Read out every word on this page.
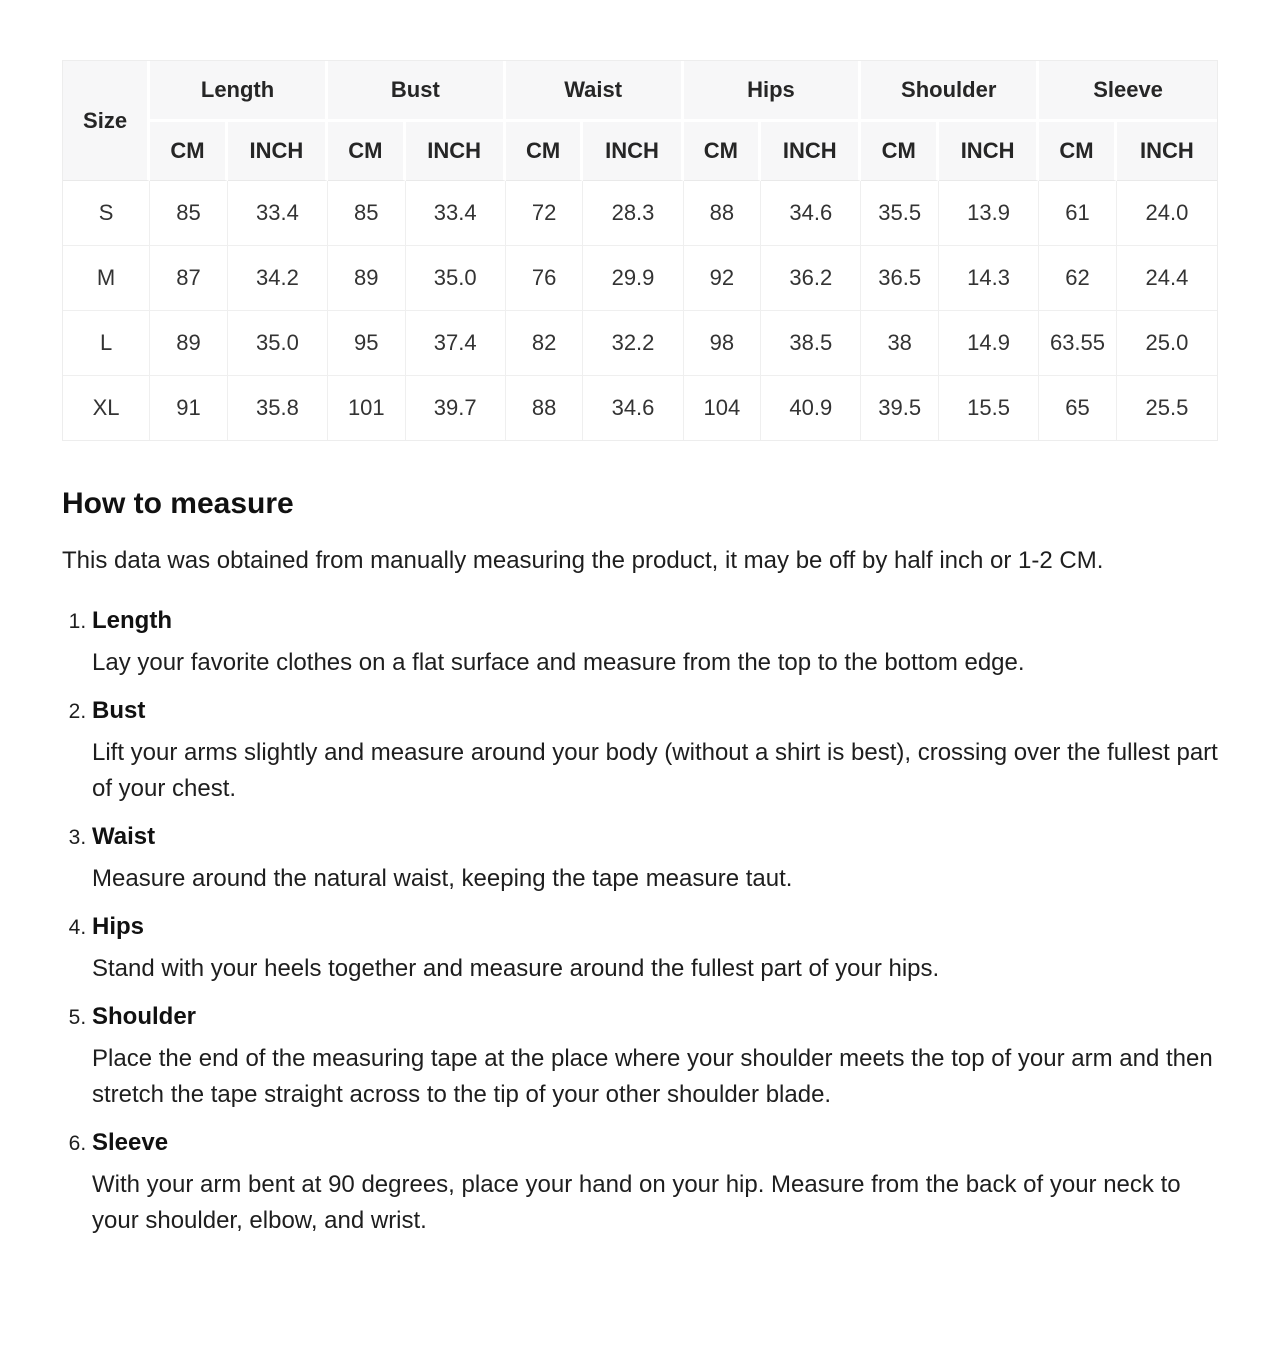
Size	Length		Bust		Waist		Hips		Shoulder		Sleeve	
	CM	INCH	CM	INCH	CM	INCH	CM	INCH	CM	INCH	CM	INCH
S	85	33.4	85	33.4	72	28.3	88	34.6	35.5	13.9	61	24.0
M	87	34.2	89	35.0	76	29.9	92	36.2	36.5	14.3	62	24.4
L	89	35.0	95	37.4	82	32.2	98	38.5	38	14.9	63.55	25.0
XL	91	35.8	101	39.7	88	34.6	104	40.9	39.5	15.5	65	25.5
How to measure

This data was obtained from manually measuring the product, it may be off by half inch or 1-2 CM.

1. Length

Lay your favorite clothes on a flat surface and measure from the top to the bottom edge.

2. Bust

Lift your arms slightly and measure around your body (without a shirt is best), crossing over the fullest part of your chest.

3. Waist

Measure around the natural waist, keeping the tape measure taut.

4. Hips

Stand with your heels together and measure around the fullest part of your hips.

5. Shoulder

Place the end of the measuring tape at the place where your shoulder meets the top of your arm and then stretch the tape straight across to the tip of your other shoulder blade.

6. Sleeve

With your arm bent at 90 degrees, place your hand on your hip. Measure from the back of your neck to your shoulder, elbow, and wrist.
